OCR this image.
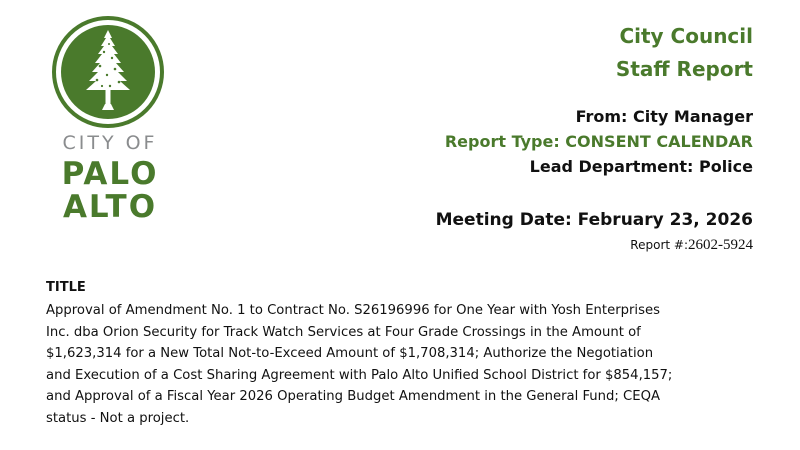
CITY OF
PALO
ALTO
City Council
Staff Report
From: City Manager
Report Type: CONSENT CALENDAR
Lead Department: Police
Meeting Date: February 23, 2026
Report #:2602-5924
TITLE
Approval of Amendment No. 1 to Contract No. S26196996 for One Year with Yosh Enterprises
Inc. dba Orion Security for Track Watch Services at Four Grade Crossings in the Amount of
$1,623,314 for a New Total Not-to-Exceed Amount of $1,708,314; Authorize the Negotiation
and Execution of a Cost Sharing Agreement with Palo Alto Unified School District for $854,157;
and Approval of a Fiscal Year 2026 Operating Budget Amendment in the General Fund; CEQA
status - Not a project.
